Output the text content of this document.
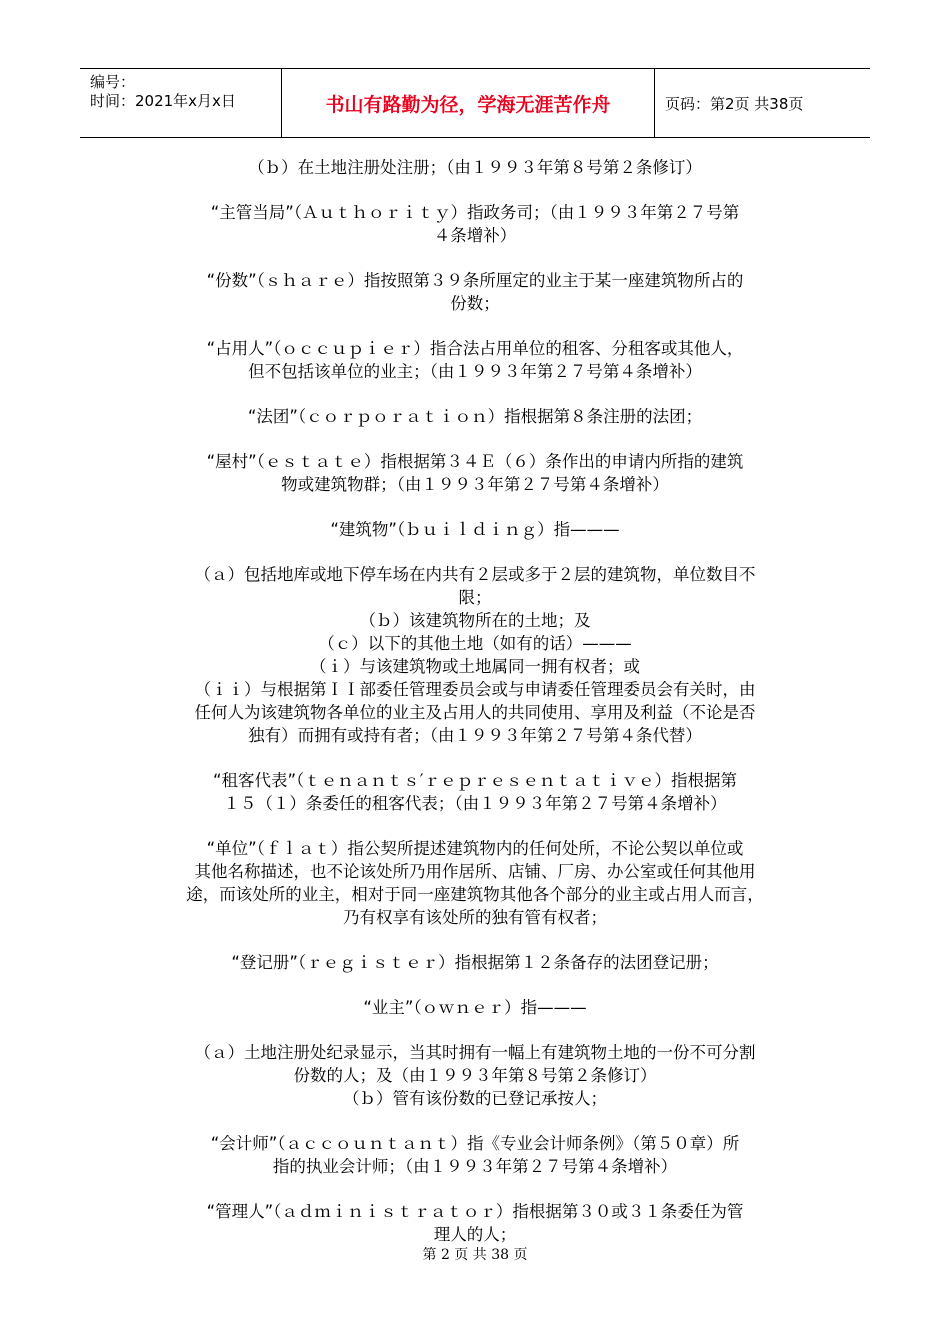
编号：
时间：2021年x月x日	书山有路勤为径，学海无涯苦作舟	页码：第2页 共38页
（ｂ）在土地注册处注册；（由１９９３年第８号第２条修订）
“主管当局”（Ａｕｔｈｏｒｉｔｙ）指政务司；（由１９９３年第２７号第
４条增补）
“份数”（ｓｈａｒｅ）指按照第３９条所厘定的业主于某一座建筑物所占的
份数；
“占用人”（ｏｃｃｕｐｉｅｒ）指合法占用单位的租客、分租客或其他人，
但不包括该单位的业主；（由１９９３年第２７号第４条增补）
“法团”（ｃｏｒｐｏｒａｔｉｏｎ）指根据第８条注册的法团；
“屋村”（ｅｓｔａｔｅ）指根据第３４Ｅ（６）条作出的申请内所指的建筑
物或建筑物群；（由１９９３年第２７号第４条增补）
“建筑物”（ｂｕｉｌｄｉｎｇ）指———
（ａ）包括地库或地下停车场在内共有２层或多于２层的建筑物，单位数目不
限；
（ｂ）该建筑物所在的土地；及
（ｃ）以下的其他土地（如有的话）———
（ｉ）与该建筑物或土地属同一拥有权者；或
（ｉｉ）与根据第ＩＩ部委任管理委员会或与申请委任管理委员会有关时，由
任何人为该建筑物各单位的业主及占用人的共同使用、享用及利益（不论是否
独有）而拥有或持有者；（由１９９３年第２７号第４条代替）
“租客代表”（ｔｅｎａｎｔｓ′ｒｅｐｒｅｓｅｎｔａｔｉｖｅ）指根据第
１５（１）条委任的租客代表；（由１９９３年第２７号第４条增补）
“单位”（ｆｌａｔ）指公契所提述建筑物内的任何处所，不论公契以单位或
其他名称描述，也不论该处所乃用作居所、店铺、厂房、办公室或任何其他用
途，而该处所的业主，相对于同一座建筑物其他各个部分的业主或占用人而言，
乃有权享有该处所的独有管有权者；
“登记册”（ｒｅｇｉｓｔｅｒ）指根据第１２条备存的法团登记册；
“业主”（ｏｗｎｅｒ）指———
（ａ）土地注册处纪录显示，当其时拥有一幅上有建筑物土地的一份不可分割
份数的人；及（由１９９３年第８号第２条修订）
（ｂ）管有该份数的已登记承按人；
“会计师”（ａｃｃｏｕｎｔａｎｔ）指《专业会计师条例》（第５０章）所
指的执业会计师；（由１９９３年第２７号第４条增补）
“管理人”（ａｄｍｉｎｉｓｔｒａｔｏｒ）指根据第３０或３１条委任为管
理人的人；
第 2 页 共 38 页
